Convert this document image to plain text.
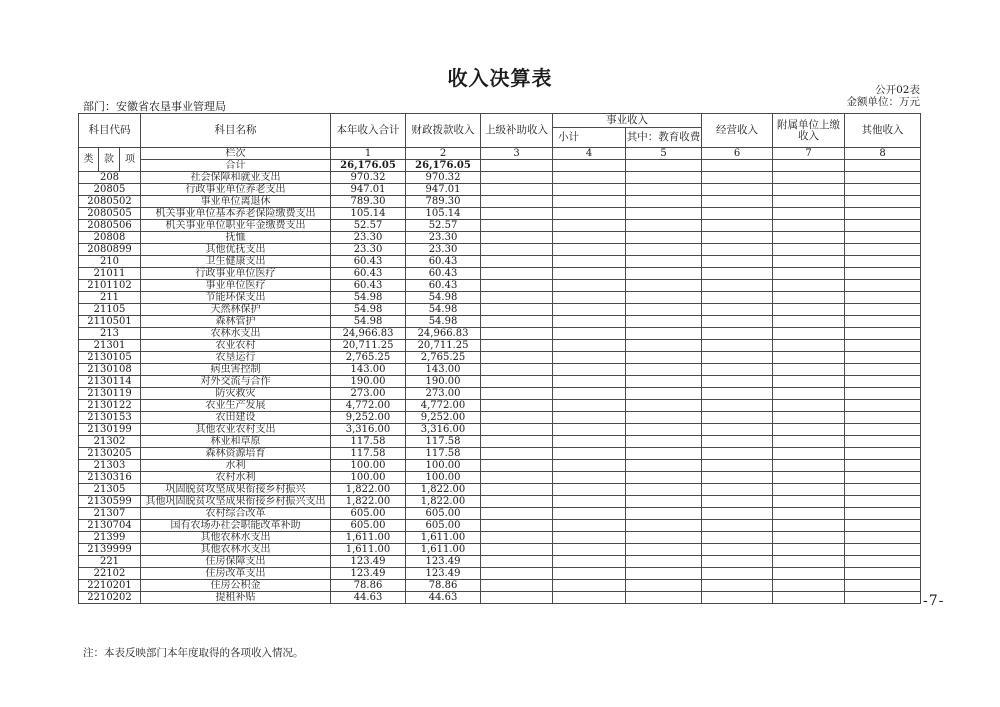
收入决算表	公开02表
金额单位：万元
部门：安徽省农垦事业管理局
科目代码			科目名称	本年收入合计	财政拨款收入	上级补助收入	事业收入		经营收入	附属单位上缴收入	其他收入
							小计	其中：教育收费			
类	款	项	栏次	1	2	3	4	5	6	7	8
			合计	26,176.05	26,176.05						
208			社会保障和就业支出	970.32	970.32						
20805			行政事业单位养老支出	947.01	947.01						
2080502			事业单位离退休	789.30	789.30						
2080505			机关事业单位基本养老保险缴费支出	105.14	105.14						
2080506			机关事业单位职业年金缴费支出	52.57	52.57						
20808			抚恤	23.30	23.30						
2080899			其他优抚支出	23.30	23.30						
210			卫生健康支出	60.43	60.43						
21011			行政事业单位医疗	60.43	60.43						
2101102			事业单位医疗	60.43	60.43						
211			节能环保支出	54.98	54.98						
21105			天然林保护	54.98	54.98						
2110501			森林管护	54.98	54.98						
213			农林水支出	24,966.83	24,966.83						
21301			农业农村	20,711.25	20,711.25						
2130105			农垦运行	2,765.25	2,765.25						
2130108			病虫害控制	143.00	143.00						
2130114			对外交流与合作	190.00	190.00						
2130119			防灾救灾	273.00	273.00						
2130122			农业生产发展	4,772.00	4,772.00						
2130153			农田建设	9,252.00	9,252.00						
2130199			其他农业农村支出	3,316.00	3,316.00						
21302			林业和草原	117.58	117.58						
2130205			森林资源培育	117.58	117.58						
21303			水利	100.00	100.00						
2130316			农村水利	100.00	100.00						
21305			巩固脱贫攻坚成果衔接乡村振兴	1,822.00	1,822.00						
2130599			其他巩固脱贫攻坚成果衔接乡村振兴支出	1,822.00	1,822.00						
21307			农村综合改革	605.00	605.00						
2130704			国有农场办社会职能改革补助	605.00	605.00						
21399			其他农林水支出	1,611.00	1,611.00						
2139999			其他农林水支出	1,611.00	1,611.00						
221			住房保障支出	123.49	123.49						
22102			住房改革支出	123.49	123.49						
2210201			住房公积金	78.86	78.86						
2210202			提租补贴	44.63	44.63						
注：本表反映部门本年度取得的各项收入情况。
-7-
